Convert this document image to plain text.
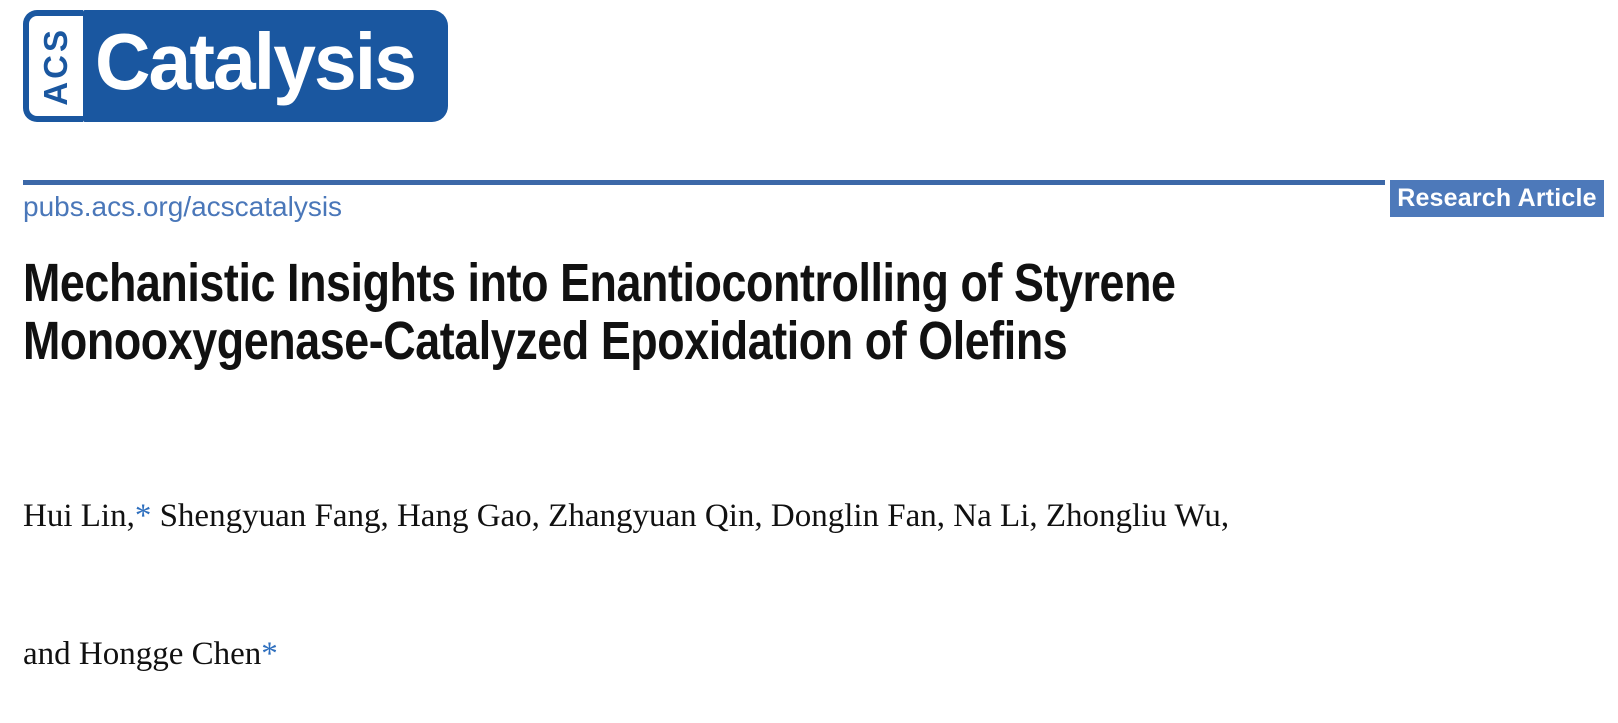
ACS Catalysis
pubs.acs.org/acscatalysis	Research Article
Mechanistic Insights into Enantiocontrolling of Styrene
Monooxygenase-Catalyzed Epoxidation of Olefins

Hui Lin,* Shengyuan Fang, Hang Gao, Zhangyuan Qin, Donglin Fan, Na Li, Zhongliu Wu,

and Hongge Chen*
